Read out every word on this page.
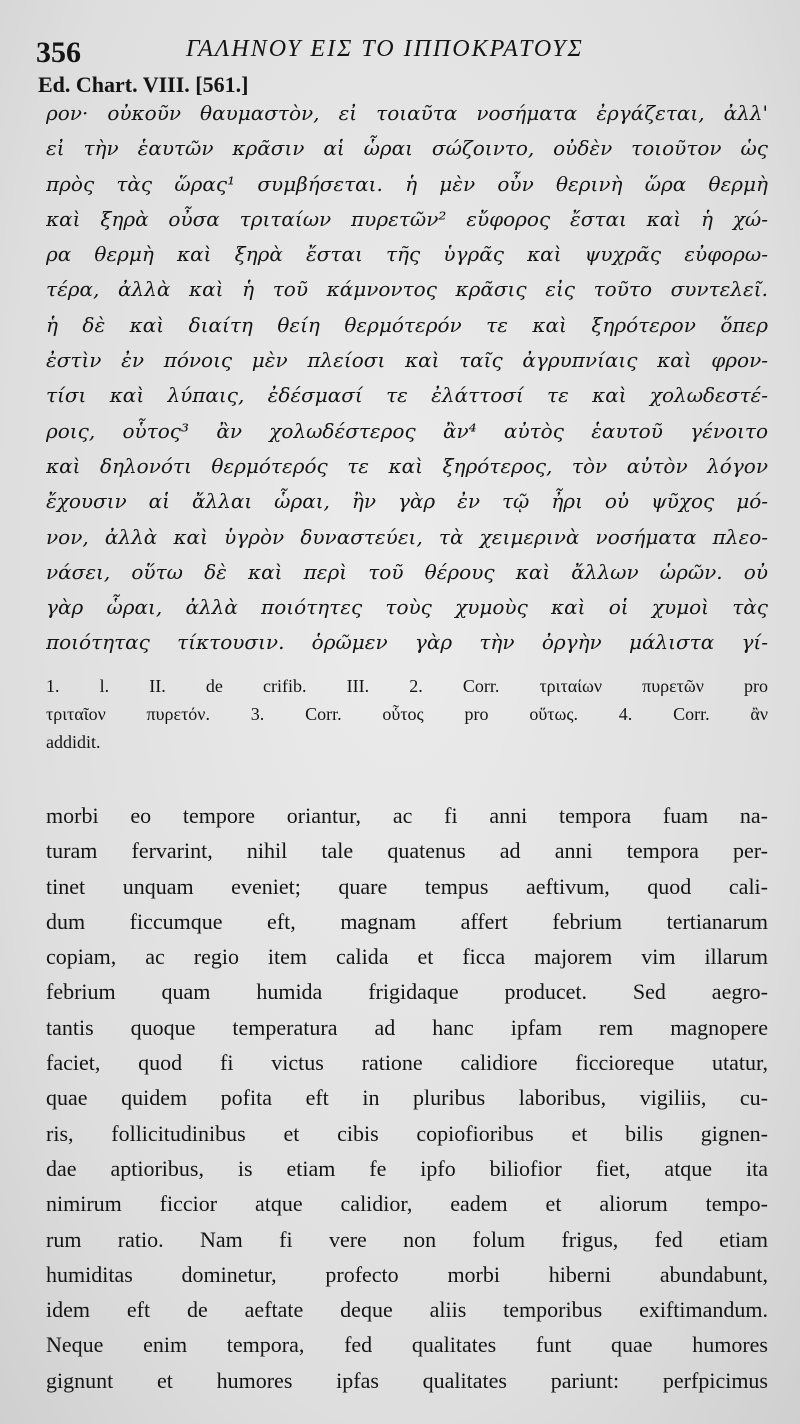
356	ΓΑΛΗΝΟΥ ΕΙΣ ΤΟ ΙΠΠΟΚΡΑΤΟΥΣ
Ed. Chart. VIII. [561.]
ρον· οὐκοῦν θαυμαστὸν, εἰ τοιαῦτα νοσήματα ἐργάζεται, ἀλλ'
εἰ τὴν ἑαυτῶν κρᾶσιν αἱ ὧραι σώζοιντο, οὐδὲν τοιοῦτον ὡς
πρὸς τὰς ὥρας¹ συμβήσεται. ἡ μὲν οὖν θερινὴ ὥρα θερμὴ
καὶ ξηρὰ οὖσα τριταίων πυρετῶν² εὔφορος ἔσται καὶ ἡ χώ-
ρα θερμὴ καὶ ξηρὰ ἔσται τῆς ὑγρᾶς καὶ ψυχρᾶς εὐφορω-
τέρα, ἀλλὰ καὶ ἡ τοῦ κάμνοντος κρᾶσις εἰς τοῦτο συντελεῖ.
ἡ δὲ καὶ διαίτη θείη θερμότερόν τε καὶ ξηρότερον ὅπερ
ἐστὶν ἐν πόνοις μὲν πλείοσι καὶ ταῖς ἀγρυπνίαις καὶ φρον-
τίσι καὶ λύπαις, ἐδέσμασί τε ἐλάττοσί τε καὶ χολωδεστέ-
ροις, οὗτος³ ἂν χολωδέστερος ἂν⁴ αὐτὸς ἑαυτοῦ γένοιτο
καὶ δηλονότι θερμότερός τε καὶ ξηρότερος, τὸν αὐτὸν λόγον
ἔχουσιν αἱ ἄλλαι ὧραι, ἢν γὰρ ἐν τῷ ἦρι οὐ ψῦχος μό-
νον, ἀλλὰ καὶ ὑγρὸν δυναστεύει, τὰ χειμερινὰ νοσήματα πλεο-
νάσει, οὕτω δὲ καὶ περὶ τοῦ θέρους καὶ ἄλλων ὡρῶν. οὐ
γὰρ ὧραι, ἀλλὰ ποιότητες τοὺς χυμοὺς καὶ οἱ χυμοὶ τὰς
ποιότητας τίκτουσιν. ὁρῶμεν γὰρ τὴν ὀργὴν μάλιστα γί-
1. l. II. de crifib. III. 2. Corr. τριταίων πυρετῶν pro
τριταῖον πυρετόν. 3. Corr. οὗτος pro οὕτως. 4. Corr. ἂν
addidit.
morbi eo tempore oriantur, ac fi anni tempora fuam na-
turam fervarint, nihil tale quatenus ad anni tempora per-
tinet unquam eveniet; quare tempus aeftivum, quod cali-
dum ficcumque eft, magnam affert febrium tertianarum
copiam, ac regio item calida et ficca majorem vim illarum
febrium quam humida frigidaque producet. Sed aegro-
tantis quoque temperatura ad hanc ipfam rem magnopere
faciet, quod fi victus ratione calidiore ficcioreque utatur,
quae quidem pofita eft in pluribus laboribus, vigiliis, cu-
ris, follicitudinibus et cibis copiofioribus et bilis gignen-
dae aptioribus, is etiam fe ipfo biliofior fiet, atque ita
nimirum ficcior atque calidior, eadem et aliorum tempo-
rum ratio. Nam fi vere non folum frigus, fed etiam
humiditas dominetur, profecto morbi hiberni abundabunt,
idem eft de aeftate deque aliis temporibus exiftimandum.
Neque enim tempora, fed qualitates funt quae humores
gignunt et humores ipfas qualitates pariunt: perfpicimus
